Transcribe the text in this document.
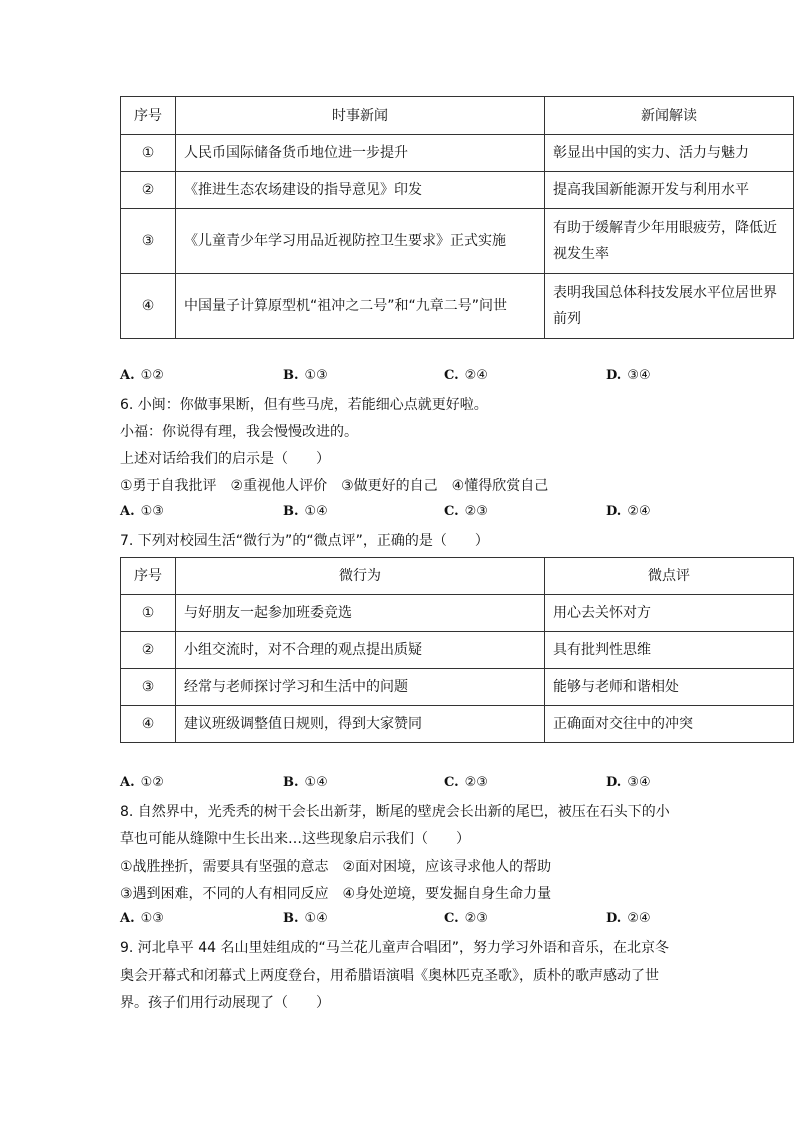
序号	时事新闻	新闻解读
①	人民币国际储备货币地位进一步提升	彰显出中国的实力、活力与魅力
②	《推进生态农场建设的指导意见》印发	提高我国新能源开发与利用水平
③	《儿童青少年学习用品近视防控卫生要求》正式实施	有助于缓解青少年用眼疲劳，降低近视发生率
④	中国量子计算原型机“祖冲之二号”和“九章二号”问世	表明我国总体科技发展水平位居世界前列
A. ①②	B. ①③	C. ②④	D. ③④
6. 小闽：你做事果断，但有些马虎，若能细心点就更好啦。
小福：你说得有理，我会慢慢改进的。
上述对话给我们的启示是（　　）
①勇于自我批评　②重视他人评价　③做更好的自己　④懂得欣赏自己
A. ①③	B. ①④	C. ②③	D. ②④
7. 下列对校园生活“微行为”的“微点评”，正确的是（　　）
序号	微行为	微点评
①	与好朋友一起参加班委竞选	用心去关怀对方
②	小组交流时，对不合理的观点提出质疑	具有批判性思维
③	经常与老师探讨学习和生活中的问题	能够与老师和谐相处
④	建议班级调整值日规则，得到大家赞同	正确面对交往中的冲突
A. ①②	B. ①④	C. ②③	D. ③④
8. 自然界中，光秃秃的树干会长出新芽，断尾的壁虎会长出新的尾巴，被压在石头下的小
草也可能从缝隙中生长出来…这些现象启示我们（　　）
①战胜挫折，需要具有坚强的意志　②面对困境，应该寻求他人的帮助
③遇到困难，不同的人有相同反应　④身处逆境，要发掘自身生命力量
A. ①③	B. ①④	C. ②③	D. ②④
9. 河北阜平 44 名山里娃组成的“马兰花儿童声合唱团”，努力学习外语和音乐，在北京冬
奥会开幕式和闭幕式上两度登台，用希腊语演唱《奥林匹克圣歌》，质朴的歌声感动了世
界。孩子们用行动展现了（　　）
